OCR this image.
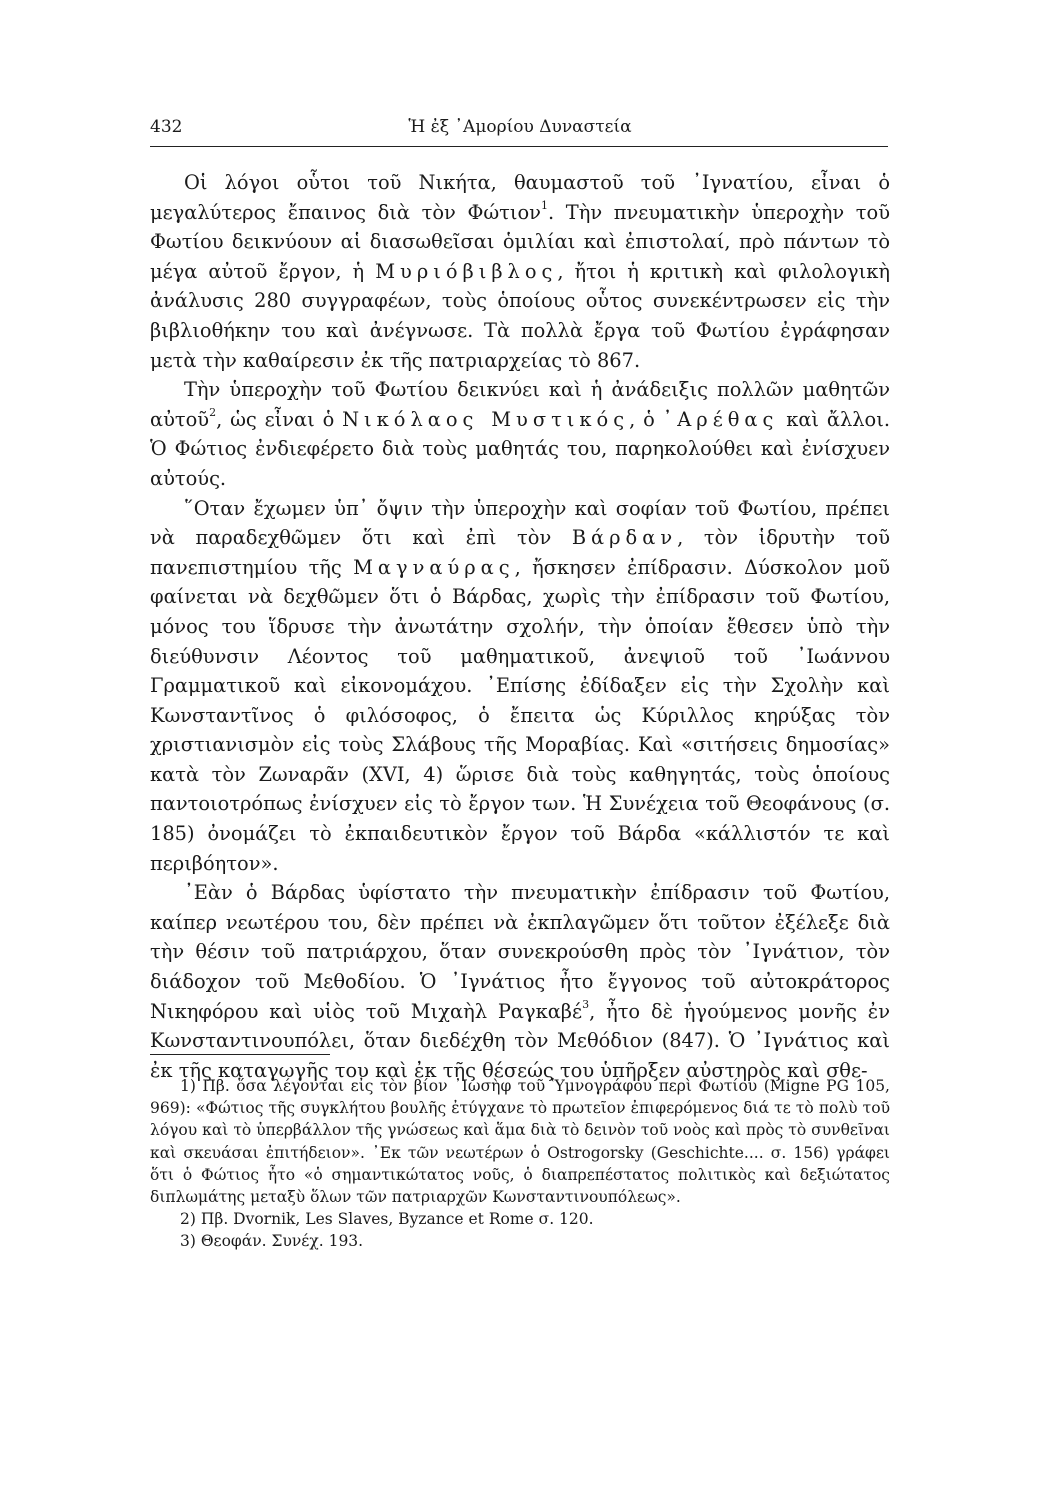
432	Ἡ ἐξ ᾿Αμορίου Δυναστεία

Οἱ λόγοι οὗτοι τοῦ Νικήτα, θαυμαστοῦ τοῦ ᾿Ιγνατίου, εἶναι ὁ μεγαλύτερος ἔπαινος διὰ τὸν Φώτιον$^1$. Τὴν πνευματικὴν ὑπεροχὴν τοῦ Φωτίου δεικνύουν αἱ διασωθεῖσαι ὁμιλίαι καὶ ἐπιστολαί, πρὸ πάντων τὸ μέγα αὐτοῦ ἔργον, ἡ Μυριόβιβλος, ἤτοι ἡ κριτικὴ καὶ φιλολογικὴ ἀνάλυσις 280 συγγραφέων, τοὺς ὁποίους οὗτος συνεκέντρωσεν εἰς τὴν βιβλιοθήκην του καὶ ἀνέγνωσε. Τὰ πολλὰ ἔργα τοῦ Φωτίου ἐγράφησαν μετὰ τὴν καθαίρεσιν ἐκ τῆς πατριαρχείας τὸ 867.

Τὴν ὑπεροχὴν τοῦ Φωτίου δεικνύει καὶ ἡ ἀνάδειξις πολλῶν μαθητῶν αὐτοῦ$^2$, ὡς εἶναι ὁ Νικόλαος Μυστικός, ὁ ᾿Αρέθας καὶ ἄλλοι. Ὁ Φώτιος ἐνδιεφέρετο διὰ τοὺς μαθητάς του, παρηκολούθει καὶ ἐνίσχυεν αὐτούς.

῞Οταν ἔχωμεν ὑπ᾿ ὄψιν τὴν ὑπεροχὴν καὶ σοφίαν τοῦ Φωτίου, πρέπει νὰ παραδεχθῶμεν ὅτι καὶ ἐπὶ τὸν Βάρδαν, τὸν ἱδρυτὴν τοῦ πανεπιστημίου τῆς Μαγναύρας, ἤσκησεν ἐπίδρασιν. Δύσκολον μοῦ φαίνεται νὰ δεχθῶμεν ὅτι ὁ Βάρδας, χωρὶς τὴν ἐπίδρασιν τοῦ Φωτίου, μόνος του ἵδρυσε τὴν ἀνωτάτην σχολήν, τὴν ὁποίαν ἔθεσεν ὑπὸ τὴν διεύθυνσιν Λέοντος τοῦ μαθηματικοῦ, ἀνεψιοῦ τοῦ ᾿Ιωάννου Γραμματικοῦ καὶ εἰκονομάχου. ᾿Επίσης ἐδίδαξεν εἰς τὴν Σχολὴν καὶ Κωνσταντῖνος ὁ φιλόσοφος, ὁ ἔπειτα ὡς Κύριλλος κηρύξας τὸν χριστιανισμὸν εἰς τοὺς Σλάβους τῆς Μοραβίας. Καὶ «σιτήσεις δημοσίας» κατὰ τὸν Ζωναρᾶν (XVI, 4) ὥρισε διὰ τοὺς καθηγητάς, τοὺς ὁποίους παντοιοτρόπως ἐνίσχυεν εἰς τὸ ἔργον των. Ἡ Συνέχεια τοῦ Θεοφάνους (σ. 185) ὀνομάζει τὸ ἐκπαιδευτικὸν ἔργον τοῦ Βάρδα «κάλλιστόν τε καὶ περιβόητον».

᾿Εὰν ὁ Βάρδας ὑφίστατο τὴν πνευματικὴν ἐπίδρασιν τοῦ Φωτίου, καίπερ νεωτέρου του, δὲν πρέπει νὰ ἐκπλαγῶμεν ὅτι τοῦτον ἐξέλεξε διὰ τὴν θέσιν τοῦ πατριάρχου, ὅταν συνεκρούσθη πρὸς τὸν ᾿Ιγνάτιον, τὸν διάδοχον τοῦ Μεθοδίου. Ὁ ᾿Ιγνάτιος ἦτο ἔγγονος τοῦ αὐτοκράτορος Νικηφόρου καὶ υἱὸς τοῦ Μιχαὴλ Ραγκαβέ$^3$, ἦτο δὲ ἡγούμενος μονῆς ἐν Κωνσταντινουπόλει, ὅταν διεδέχθη τὸν Μεθόδιον (847). Ὁ ᾿Ιγνάτιος καὶ ἐκ τῆς καταγωγῆς του καὶ ἐκ τῆς θέσεώς του ὑπῆρξεν αὐστηρὸς καὶ σθε-

1) Πβ. ὅσα λέγονται εἰς τὸν βίον ᾿Ιωσὴφ τοῦ Ὑμνογράφου περὶ Φωτίου (Migne PG 105, 969): «Φώτιος τῆς συγκλήτου βουλῆς ἐτύγχανε τὸ πρωτεῖον ἐπιφερόμενος διά τε τὸ πολὺ τοῦ λόγου καὶ τὸ ὑπερβάλλον τῆς γνώσεως καὶ ἅμα διὰ τὸ δεινὸν τοῦ νοὸς καὶ πρὸς τὸ συνθεῖναι καὶ σκευάσαι ἐπιτήδειον». ᾿Εκ τῶν νεωτέρων ὁ Ostrogorsky (Geschichte.... σ. 156) γράφει ὅτι ὁ Φώτιος ἦτο «ὁ σημαντικώτατος νοῦς, ὁ διαπρεπέστατος πολιτικὸς καὶ δεξιώτατος διπλωμάτης μεταξὺ ὅλων τῶν πατριαρχῶν Κωνσταντινουπόλεως».

2) Πβ. Dvornik, Les Slaves, Byzance et Rome σ. 120.

3) Θεοφάν. Συνέχ. 193.
